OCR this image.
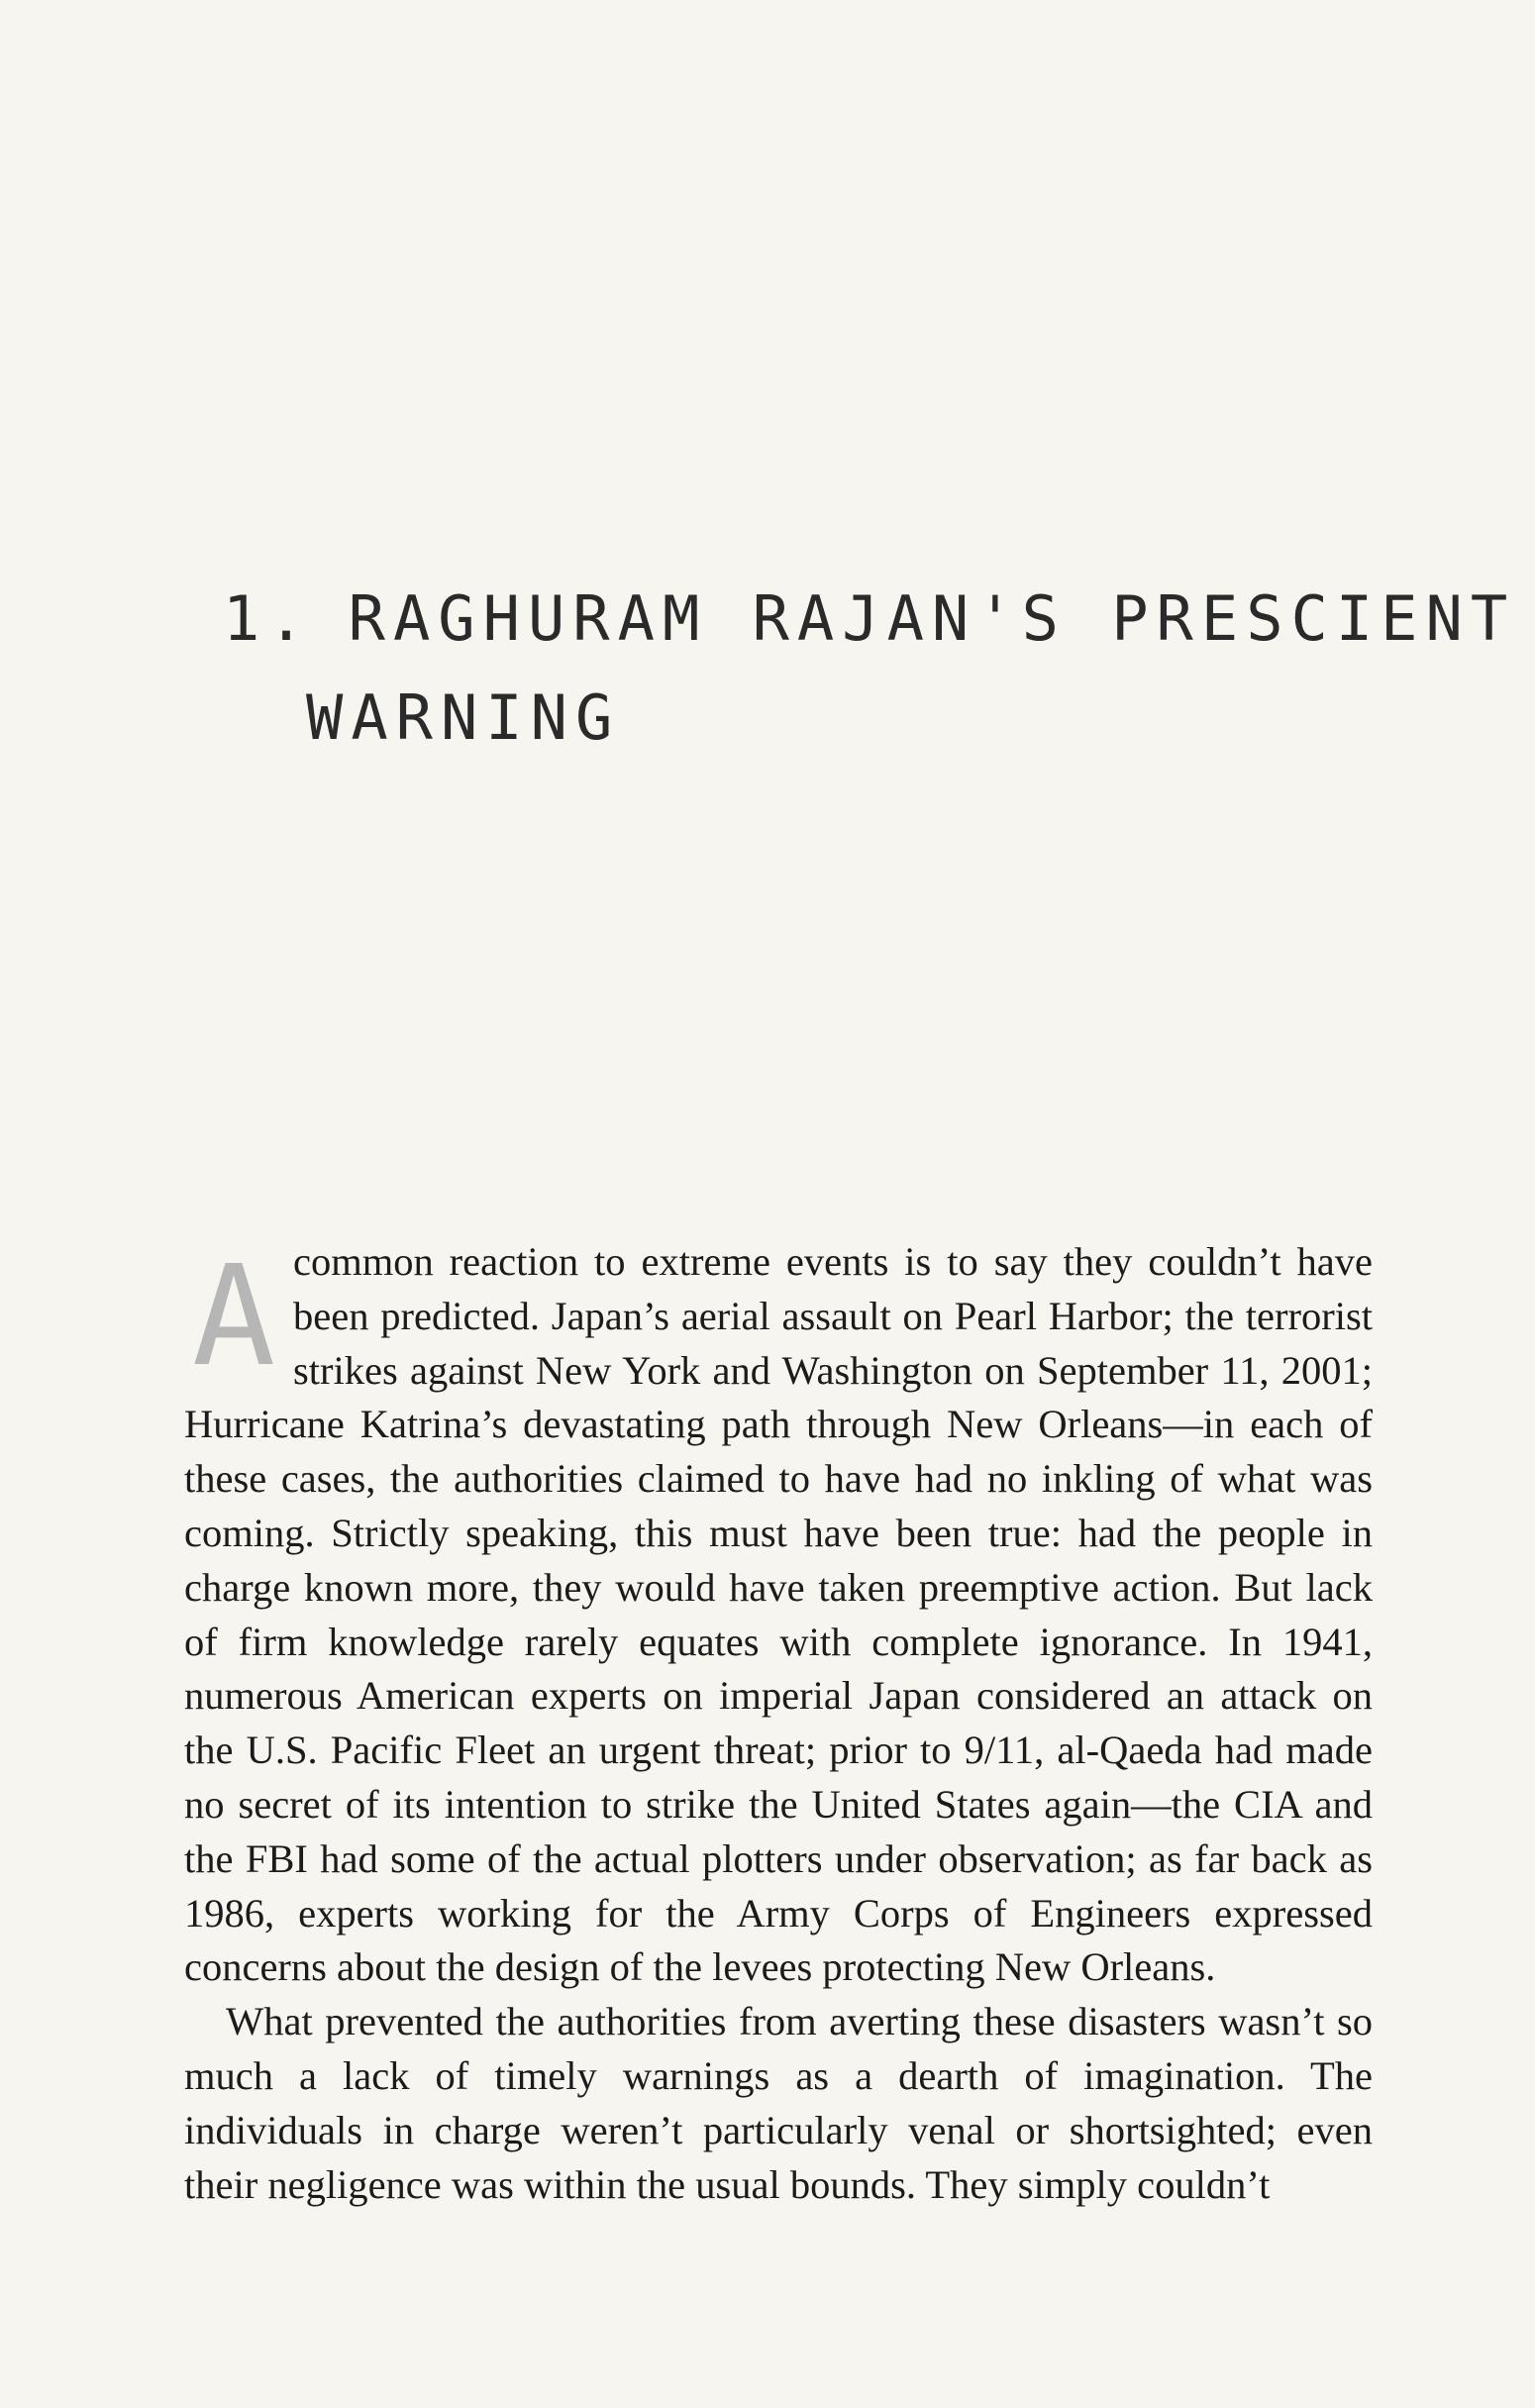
1. RAGHURAM RAJAN'S PRESCIENT
WARNING

Acommon reaction to extreme events is to say they couldn’t have been predicted. Japan’s aerial assault on Pearl Harbor; the terrorist strikes against New York and Washington on September 11, 2001; Hurricane Katrina’s devastating path through New Orleans—in each of these cases, the authorities claimed to have had no inkling of what was coming. Strictly speaking, this must have been true: had the people in charge known more, they would have taken preemptive action. But lack of firm knowledge rarely equates with complete ignorance. In 1941, numerous American experts on imperial Japan considered an attack on the U.S. Pacific Fleet an urgent threat; prior to 9/11, al-Qaeda had made no secret of its intention to strike the United States again—the CIA and the FBI had some of the actual plotters under observation; as far back as 1986, experts working for the Army Corps of Engineers expressed concerns about the design of the levees protecting New Orleans.

What prevented the authorities from averting these disasters wasn’t so much a lack of timely warnings as a dearth of imagination. The individuals in charge weren’t particularly venal or shortsighted; even their negligence was within the usual bounds. They simply couldn’t
